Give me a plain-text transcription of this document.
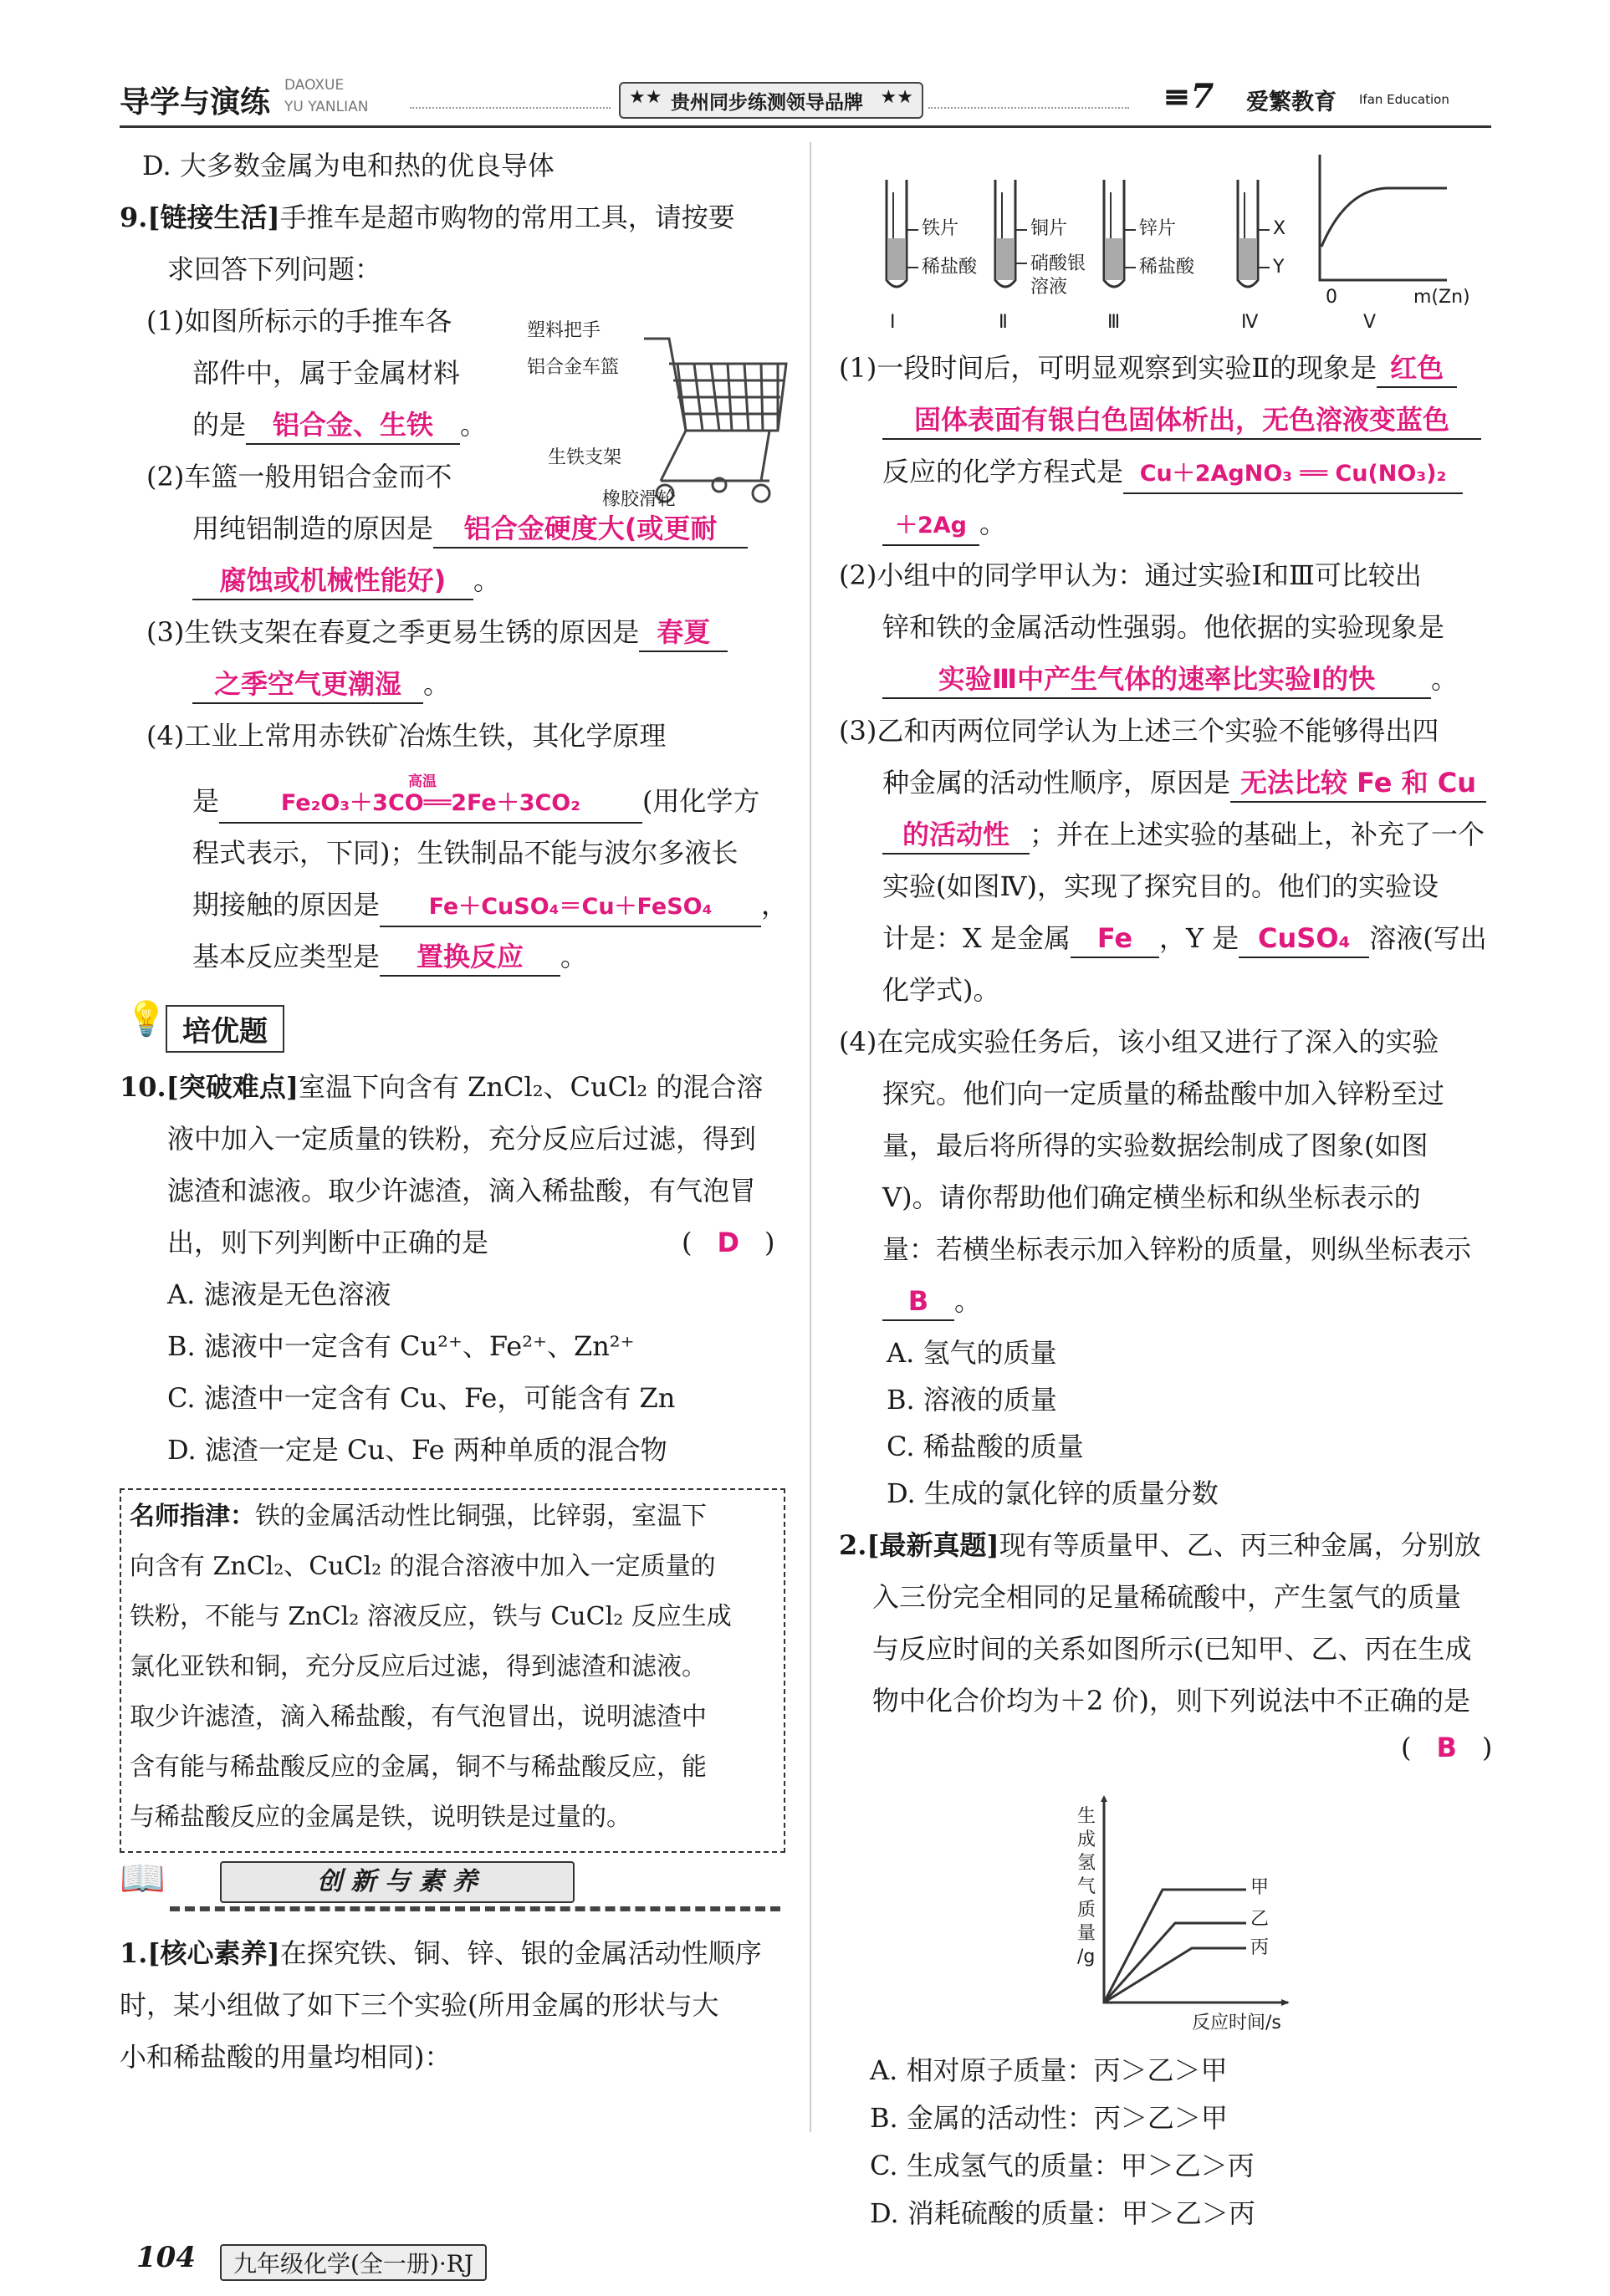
导学与演练 DAOXUE
YU YANLIAN	★★ 贵州同步练测领导品牌 ★★	≡7 爱繁教育 Ifan Education
D. 大多数金属为电和热的优良导体
9.[链接生活]手推车是超市购物的常用工具，请按要
求回答下列问题：
(1)如图所标示的手推车各
部件中，属于金属材料
的是 铝合金、生铁 。
(2)车篮一般用铝合金而不
用纯铝制造的原因是 铝合金硬度大(或更耐
腐蚀或机械性能好) 。
塑料把手
铝合金车篮
生铁支架
橡胶滑轮
(3)生铁支架在春夏之季更易生锈的原因是 春夏
之季空气更潮湿 。
(4)工业上常用赤铁矿冶炼生铁，其化学原理
是
高温
Fe₂O₃＋3CO══2Fe＋3CO₂ (用化学方
程式表示，下同)；生铁制品不能与波尔多液长
期接触的原因是 Fe＋CuSO₄＝Cu＋FeSO₄ ，
基本反应类型是 置换反应 。
💡 培优题
10.[突破难点]室温下向含有 ZnCl₂、CuCl₂ 的混合溶
液中加入一定质量的铁粉，充分反应后过滤，得到
滤渣和滤液。取少许滤渣，滴入稀盐酸，有气泡冒
出，则下列判断中正确的是	( D )
A. 滤液是无色溶液
B. 滤液中一定含有 Cu²⁺、Fe²⁺、Zn²⁺
C. 滤渣中一定含有 Cu、Fe，可能含有 Zn
D. 滤渣一定是 Cu、Fe 两种单质的混合物
名师指津：铁的金属活动性比铜强，比锌弱，室温下
向含有 ZnCl₂、CuCl₂ 的混合溶液中加入一定质量的
铁粉，不能与 ZnCl₂ 溶液反应，铁与 CuCl₂ 反应生成
氯化亚铁和铜，充分反应后过滤，得到滤渣和滤液。
取少许滤渣，滴入稀盐酸，有气泡冒出，说明滤渣中
含有能与稀盐酸反应的金属，铜不与稀盐酸反应，能
与稀盐酸反应的金属是铁，说明铁是过量的。
📖	创 新 与 素 养
1.[核心素养]在探究铁、铜、锌、银的金属活动性顺序
时，某小组做了如下三个实验(所用金属的形状与大
小和稀盐酸的用量均相同)：
铁片
稀盐酸
铜片
硝酸银
溶液
锌片
稀盐酸
X
Y
Ⅰ	Ⅱ	Ⅲ	Ⅳ	Ⅴ
0	m(Zn)
(1)一段时间后，可明显观察到实验Ⅱ的现象是 红色
固体表面有银白色固体析出，无色溶液变蓝色
反应的化学方程式是 Cu＋2AgNO₃ ══ Cu(NO₃)₂
＋2Ag 。
(2)小组中的同学甲认为：通过实验Ⅰ和Ⅲ可比较出
锌和铁的金属活动性强弱。他依据的实验现象是
实验Ⅲ中产生气体的速率比实验Ⅰ的快 。
(3)乙和丙两位同学认为上述三个实验不能够得出四
种金属的活动性顺序，原因是 无法比较 Fe 和 Cu
的活动性 ；并在上述实验的基础上，补充了一个
实验(如图Ⅳ)，实现了探究目的。他们的实验设
计是：X 是金属 Fe ，Y 是 CuSO₄ 溶液(写出
化学式)。
(4)在完成实验任务后，该小组又进行了深入的实验
探究。他们向一定质量的稀盐酸中加入锌粉至过
量，最后将所得的实验数据绘制成了图象(如图
Ⅴ)。请你帮助他们确定横坐标和纵坐标表示的
量：若横坐标表示加入锌粉的质量，则纵坐标表示
B 。
A. 氢气的质量
B. 溶液的质量
C. 稀盐酸的质量
D. 生成的氯化锌的质量分数
2.[最新真题]现有等质量甲、乙、丙三种金属，分别放
入三份完全相同的足量稀硫酸中，产生氢气的质量
与反应时间的关系如图所示(已知甲、乙、丙在生成
物中化合价均为＋2 价)，则下列说法中不正确的是
( B )
生
成
氢
气
质
量
/g
甲
乙
丙
反应时间/s
A. 相对原子质量：丙＞乙＞甲
B. 金属的活动性：丙＞乙＞甲
C. 生成氢气的质量：甲＞乙＞丙
D. 消耗硫酸的质量：甲＞乙＞丙
104	九年级化学(全一册)·RJ
